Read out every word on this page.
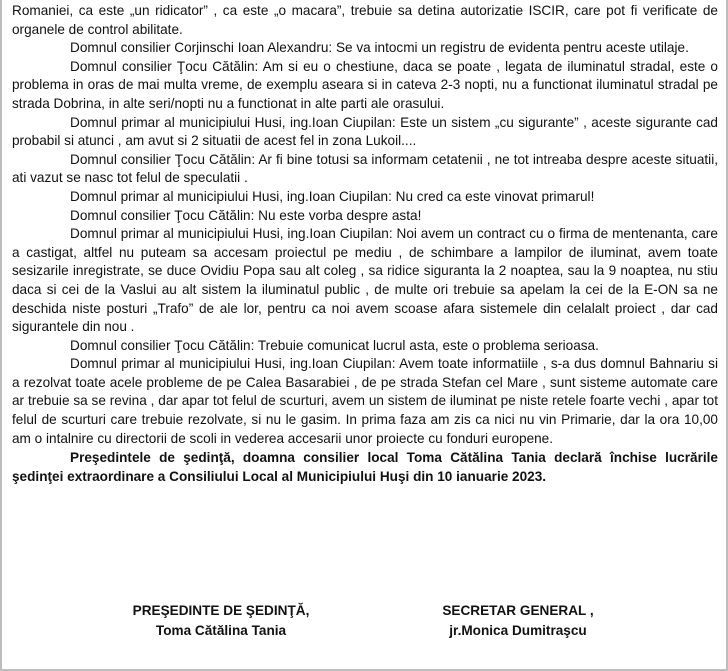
Romaniei, ca este „un ridicator” , ca este „o macara”, trebuie sa detina autorizatie ISCIR, care pot fi verificate de organele de control abilitate.

Domnul consilier Corjinschi Ioan Alexandru: Se va intocmi un registru de evidenta pentru aceste utilaje.

Domnul consilier Ţocu Cătălin: Am si eu o chestiune, daca se poate , legata de iluminatul stradal, este o problema in oras de mai multa vreme, de exemplu aseara si in cateva 2-3 nopti, nu a functionat iluminatul stradal pe strada Dobrina, in alte seri/nopti nu a functionat in alte parti ale orasului.

Domnul primar al municipiului Husi, ing.Ioan Ciupilan: Este un sistem „cu sigurante” , aceste sigurante cad probabil si atunci , am avut si 2 situatii de acest fel in zona Lukoil....

Domnul consilier Ţocu Cătălin: Ar fi bine totusi sa informam cetatenii , ne tot intreaba despre aceste situatii, ati vazut se nasc tot felul de speculatii .

Domnul primar al municipiului Husi, ing.Ioan Ciupilan: Nu cred ca este vinovat primarul!

Domnul consilier Ţocu Cătălin: Nu este vorba despre asta!

Domnul primar al municipiului Husi, ing.Ioan Ciupilan: Noi avem un contract cu o firma de mentenanta, care a castigat, altfel nu puteam sa accesam proiectul pe mediu , de schimbare a lampilor de iluminat, avem toate sesizarile inregistrate, se duce Ovidiu Popa sau alt coleg , sa ridice siguranta la 2 noaptea, sau la 9 noaptea, nu stiu daca si cei de la Vaslui au alt sistem la iluminatul public , de multe ori trebuie sa apelam la cei de la E-ON sa ne deschida niste posturi „Trafo” de ale lor, pentru ca noi avem scoase afara sistemele din celalalt proiect , dar cad sigurantele din nou .

Domnul consilier Ţocu Cătălin: Trebuie comunicat lucrul asta, este o problema serioasa.

Domnul primar al municipiului Husi, ing.Ioan Ciupilan: Avem toate informatiile , s-a dus domnul Bahnariu si a rezolvat toate acele probleme de pe Calea Basarabiei , de pe strada Stefan cel Mare , sunt sisteme automate care ar trebuie sa se revina , dar apar tot felul de scurturi, avem un sistem de iluminat pe niste retele foarte vechi , apar tot felul de scurturi care trebuie rezolvate, si nu le gasim. In prima faza am zis ca nici nu vin Primarie, dar la ora 10,00 am o intalnire cu directorii de scoli in vederea accesarii unor proiecte cu fonduri europene.

Preşedintele de şedinţă, doamna consilier local Toma Cătălina Tania declară închise lucrările şedinţei extraordinare a Consiliului Local al Municipiului Huşi din 10 ianuarie 2023.

PREŞEDINTE DE ŞEDINŢĂ,
Toma Cătălina Tania
SECRETAR GENERAL ,
jr.Monica Dumitraşcu
